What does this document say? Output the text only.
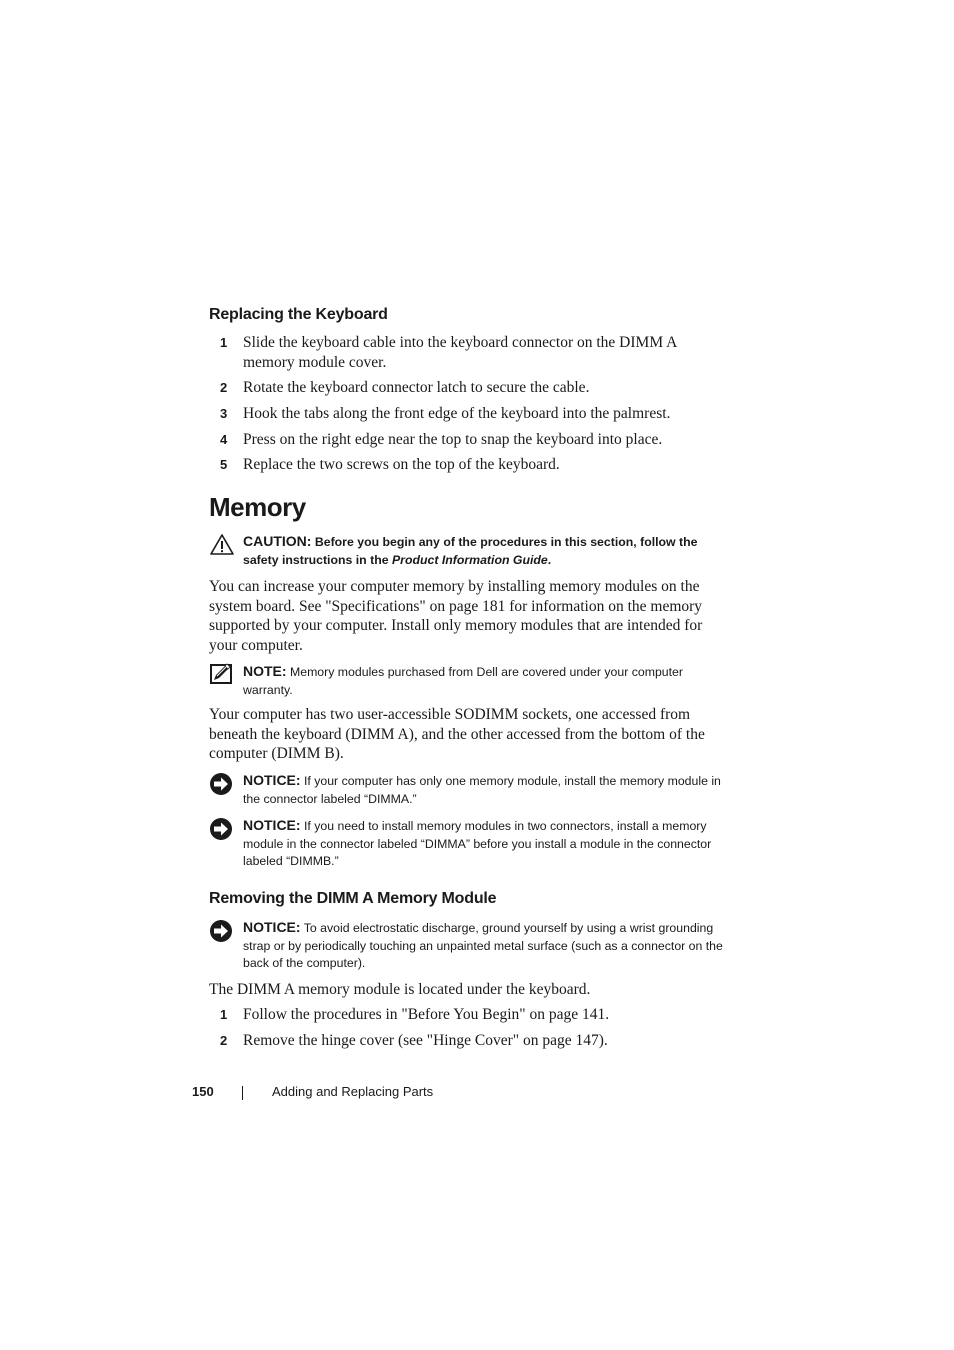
Replacing the Keyboard
1 Slide the keyboard cable into the keyboard connector on the DIMM A memory module cover.
2 Rotate the keyboard connector latch to secure the cable.
3 Hook the tabs along the front edge of the keyboard into the palmrest.
4 Press on the right edge near the top to snap the keyboard into place.
5 Replace the two screws on the top of the keyboard.
Memory
CAUTION: Before you begin any of the procedures in this section, follow the safety instructions in the Product Information Guide.
You can increase your computer memory by installing memory modules on the system board. See "Specifications" on page 181 for information on the memory supported by your computer. Install only memory modules that are intended for your computer.
NOTE: Memory modules purchased from Dell are covered under your computer warranty.
Your computer has two user-accessible SODIMM sockets, one accessed from beneath the keyboard (DIMM A), and the other accessed from the bottom of the computer (DIMM B).
NOTICE: If your computer has only one memory module, install the memory module in the connector labeled “DIMMA.”
NOTICE: If you need to install memory modules in two connectors, install a memory module in the connector labeled “DIMMA” before you install a module in the connector labeled “DIMMB.”
Removing the DIMM A Memory Module
NOTICE: To avoid electrostatic discharge, ground yourself by using a wrist grounding strap or by periodically touching an unpainted metal surface (such as a connector on the back of the computer).
The DIMM A memory module is located under the keyboard.
1 Follow the procedures in "Before You Begin" on page 141.
2 Remove the hinge cover (see "Hinge Cover" on page 147).
150	Adding and Replacing Parts
